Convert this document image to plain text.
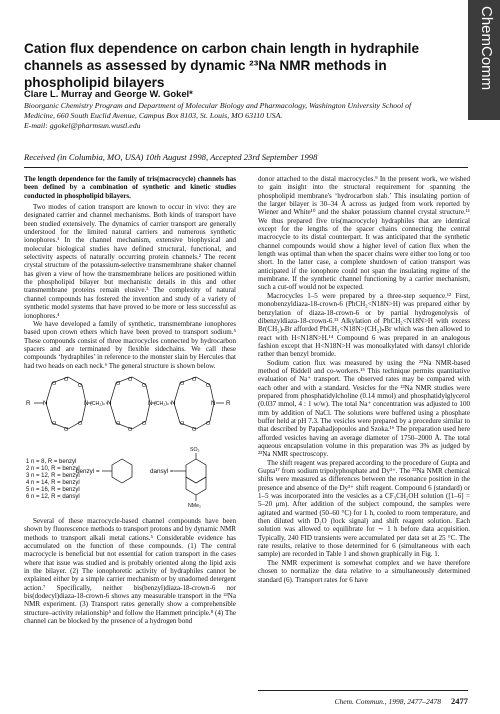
ChemComm
Cation flux dependence on carbon chain length in hydraphile channels as assessed by dynamic ²³Na NMR methods in phospholipid bilayers
Clare L. Murray and George W. Gokel*
Bioorganic Chemistry Program and Department of Molecular Biology and Pharmacology, Washington University School of Medicine, 660 South Euclid Avenue, Campus Box 8103, St. Louis, MO 63110 USA.
E-mail: ggokel@pharmsun.wustl.edu
Received (in Columbia, MO, USA) 10th August 1998, Accepted 23rd September 1998

The length dependence for the family of tris(macrocycle) channels has been defined by a combination of synthetic and kinetic studies conducted in phospholipid bilayers.

Two modes of cation transport are known to occur in vivo: they are designated carrier and channel mechanisms. Both kinds of transport have been studied extensively. The dynamics of carrier transport are generally understood for the limited natural carriers and numerous synthetic ionophores.¹ In the channel mechanism, extensive biophysical and molecular biological studies have defined structural, functional, and selectivity aspects of naturally occurring protein channels.² The recent crystal structure of the potassium-selective transmembrane shaker channel has given a view of how the transmembrane helices are positioned within the phospholipid bilayer but mechanistic details in this and other transmembrane proteins remain elusive.³ The complexity of natural channel compounds has fostered the invention and study of a variety of synthetic model systems that have proved to be more or less successful as ionophores.⁴

We have developed a family of synthetic, transmembrane ionophores based upon crown ethers which have been proved to transport sodium.⁵ These compounds consist of three macrocycles connected by hydrocarbon spacers and are terminated by flexible sidechains. We call these compounds ‘hydraphiles’ in reference to the monster slain by Hercules that had two heads on each neck.⁶ The general structure is shown below.

O
O
O
O
O
O
O
O
O
O
O
O
O
O
O
O
O
O
R N	N (CH₂)ₙ N	N (CH₂)ₙ N	N R
1 n = 8, R = benzyl
2 n = 10, R = benzyl
3 n = 12, R = benzyl
4 n = 14, R = benzyl
5 n = 16, R = benzyl
6 n = 12, R = dansyl
benzyl =	dansyl =
SO₂
NMe₂

Several of these macrocycle-based channel compounds have been shown by fluorescence methods to transport protons and by dynamic NMR methods to transport alkali metal cations.⁵ Considerable evidence has accumulated on the function of these compounds. (1) The central macrocycle is beneficial but not essential for cation transport in the cases where that issue was studied and is probably oriented along the lipid axis in the bilayer. (2) The ionophoretic activity of hydraphiles cannot be explained either by a simple carrier mechanism or by unadorned detergent action.⁷ Specifically, neither bis(benzyl)diaza-18-crown-6 nor bis(dodecyl)diaza-18-crown-6 shows any measurable transport in the ²³Na NMR experiment. (3) Transport rates generally show a comprehensible structure–activity relationship⁵ and follow the Hammett principle.⁸ (4) The channel can be blocked by the presence of a hydrogen bond

donor attached to the distal macrocycles.⁹ In the present work, we wished to gain insight into the structural requirement for spanning the phospholipid membrane's ‘hydrocarbon slab.’ This insulating portion of the larger bilayer is 30–34 Å across as judged from work reported by Wiener and White¹⁰ and the shaker potassium channel crystal structure.¹¹ We thus prepared five tris(macrocycle) hydraphiles that are identical except for the lengths of the spacer chains connecting the central macrocycle to its distal counterpart. It was anticipated that the synthetic channel compounds would show a higher level of cation flux when the length was optimal than when the spacer chains were either too long or too short. In the latter case, a complete shutdown of cation transport was anticipated if the ionophore could not span the insulating regime of the membrane. If the synthetic channel functioning by a carrier mechanism, such a cut-off would not be expected.

Macrocycles 1–5 were prepared by a three-step sequence.¹² First, monobenzyldiaza-18-crown-6 (PhCH₂<N18N>H) was prepared either by benzylation of diaza-18-crown-6 or by partial hydrogenolysis of dibenzyldiaza-18-crown-6.¹³ Alkylation of PhCH₂<N18N>H with excess Br(CH₂)ₙBr afforded PhCH₂<N18N>(CH₂)ₙBr which was then allowed to react with H<N18N>H.¹⁴ Compound 6 was prepared in an analogous fashion except that H<N18N>H was monoalkylated with dansyl chloride rather than benzyl bromide.

Sodium cation flux was measured by using the ²³Na NMR-based method of Riddell and co-workers.¹⁵ This technique permits quantitative evaluation of Na⁺ transport. The observed rates may be compared with each other and with a standard. Vesicles for the ²³Na NMR studies were prepared from phosphatidylcholine (0.14 mmol) and phosphatidylglycerol (0.037 mmol, 4 : 1 w/w). The total Na⁺ concentration was adjusted to 100 mm by addition of NaCl. The solutions were buffered using a phosphate buffer held at pH 7.3. The vesicles were prepared by a procedure similar to that described by Papahadjopoulos and Szoka.¹⁶ The preparation used here afforded vesicles having an average diameter of 1750–2000 Å. The total aqueous encapsulation volume in this preparation was 3% as judged by ²³Na NMR spectroscopy.

The shift reagent was prepared according to the procedure of Gupta and Gupta¹⁷ from sodium tripolyphosphate and Dy³⁺. The ²³Na NMR chemical shifts were measured as differences between the resonance position in the presence and absence of the Dy³⁺ shift reagent. Compound 6 (standard) or 1–5 was incorporated into the vesicles as a CF₃CH₂OH solution ([1–6] = 5–20 μm). After addition of the subject compound, the samples were agitated and warmed (50–60 °C) for 1 h, cooled to room temperature, and then diluted with D₂O (lock signal) and shift reagent solution. Each solution was allowed to equilibrate for ∼ 1 h before data acquisition. Typically, 240 FID transients were accumulated per data set at 25 °C. The rate results, relative to those determined for 6 (simultaneous with each sample) are recorded in Table 1 and shown graphically in Fig. 1.

The NMR experiment is somewhat complex and we have therefore chosen to normalize the data relative to a simultaneously determined standard (6). Transport rates for 6 have

Chem. Commun., 1998, 2477–2478 2477
